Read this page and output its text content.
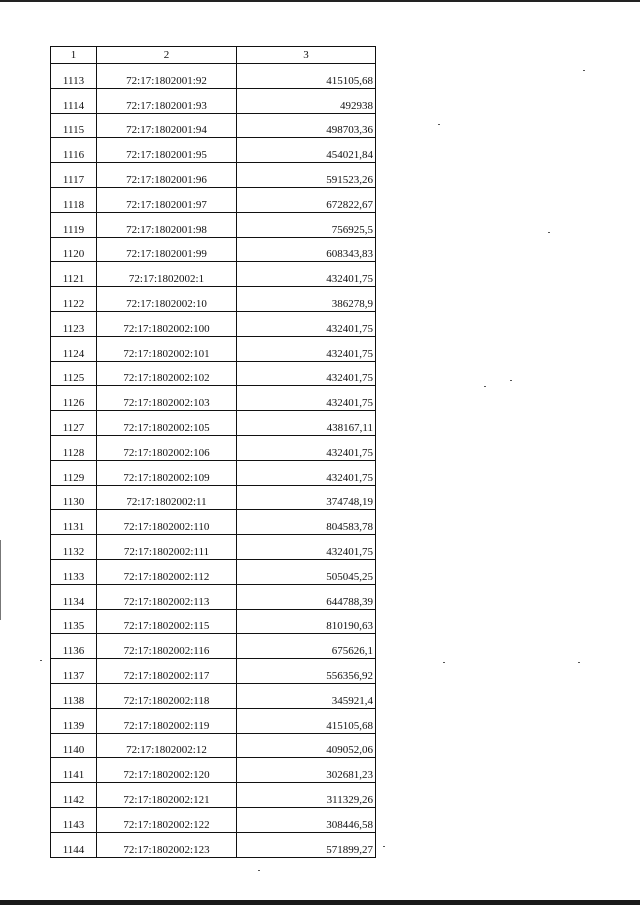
1	2	3
1113	72:17:1802001:92	415105,68
1114	72:17:1802001:93	492938
1115	72:17:1802001:94	498703,36
1116	72:17:1802001:95	454021,84
1117	72:17:1802001:96	591523,26
1118	72:17:1802001:97	672822,67
1119	72:17:1802001:98	756925,5
1120	72:17:1802001:99	608343,83
1121	72:17:1802002:1	432401,75
1122	72:17:1802002:10	386278,9
1123	72:17:1802002:100	432401,75
1124	72:17:1802002:101	432401,75
1125	72:17:1802002:102	432401,75
1126	72:17:1802002:103	432401,75
1127	72:17:1802002:105	438167,11
1128	72:17:1802002:106	432401,75
1129	72:17:1802002:109	432401,75
1130	72:17:1802002:11	374748,19
1131	72:17:1802002:110	804583,78
1132	72:17:1802002:111	432401,75
1133	72:17:1802002:112	505045,25
1134	72:17:1802002:113	644788,39
1135	72:17:1802002:115	810190,63
1136	72:17:1802002:116	675626,1
1137	72:17:1802002:117	556356,92
1138	72:17:1802002:118	345921,4
1139	72:17:1802002:119	415105,68
1140	72:17:1802002:12	409052,06
1141	72:17:1802002:120	302681,23
1142	72:17:1802002:121	311329,26
1143	72:17:1802002:122	308446,58
1144	72:17:1802002:123	571899,27
